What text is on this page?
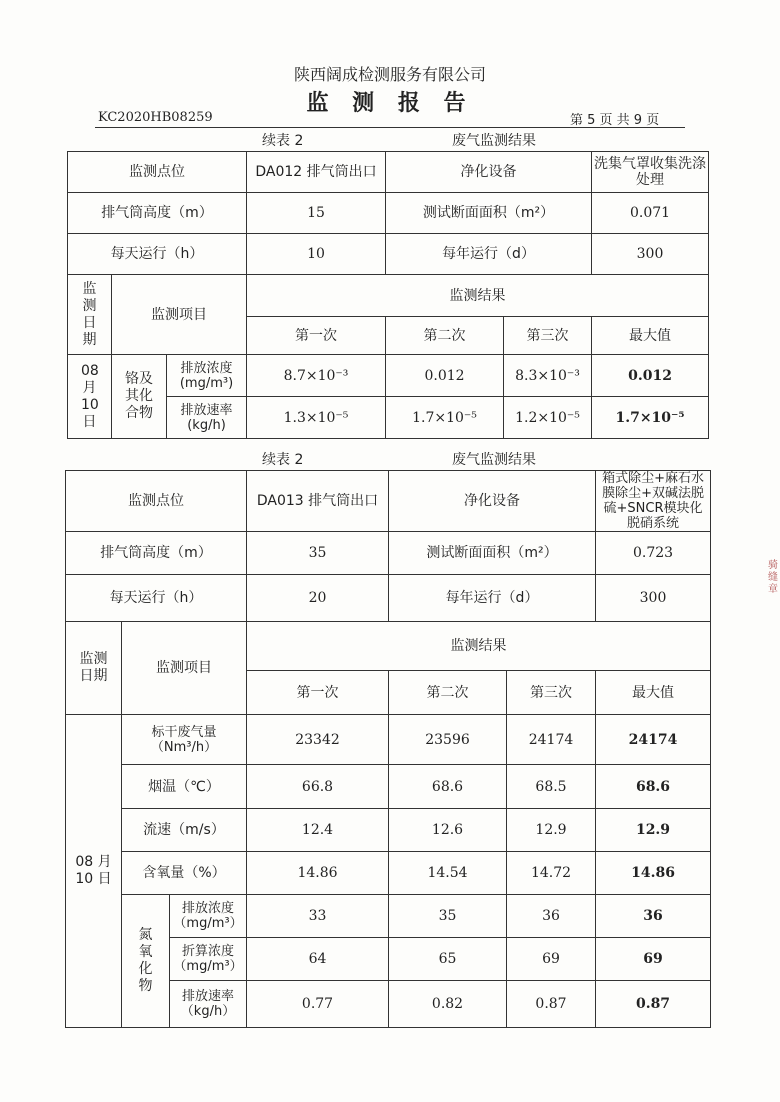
陕西阔成检测服务有限公司
监 测 报 告
KC2020HB08259	第 5 页 共 9 页
续表 2	废气监测结果
监测点位			DA012 排气筒出口	净化设备		洗集气罩收集洗涤处理
排气筒高度（m）			15	测试断面面积（m²）		0.071
每天运行（h）			10	每年运行（d）		300
监测日期	监测项目		监测结果			
			第一次	第二次	第三次	最大值
08月10日	铬及其化合物	排放浓度(mg/m³)	8.7×10⁻³	0.012	8.3×10⁻³	0.012
		排放速率(kg/h)	1.3×10⁻⁵	1.7×10⁻⁵	1.2×10⁻⁵	1.7×10⁻⁵
续表 2	废气监测结果
监测点位			DA013 排气筒出口	净化设备		箱式除尘+麻石水膜除尘+双碱法脱硫+SNCR模块化脱硝系统
排气筒高度（m）			35	测试断面面积（m²）		0.723
每天运行（h）			20	每年运行（d）		300
监测日期	监测项目		监测结果			
			第一次	第二次	第三次	最大值
08 月10 日	标干废气量（Nm³/h）		23342	23596	24174	24174
	烟温（℃）		66.8	68.6	68.5	68.6
	流速（m/s）		12.4	12.6	12.9	12.9
	含氧量（%）		14.86	14.54	14.72	14.86
	氮氧化物	排放浓度（mg/m³）	33	35	36	36
		折算浓度（mg/m³）	64	65	69	69
		排放速率（kg/h）	0.77	0.82	0.87	0.87
骑缝章
